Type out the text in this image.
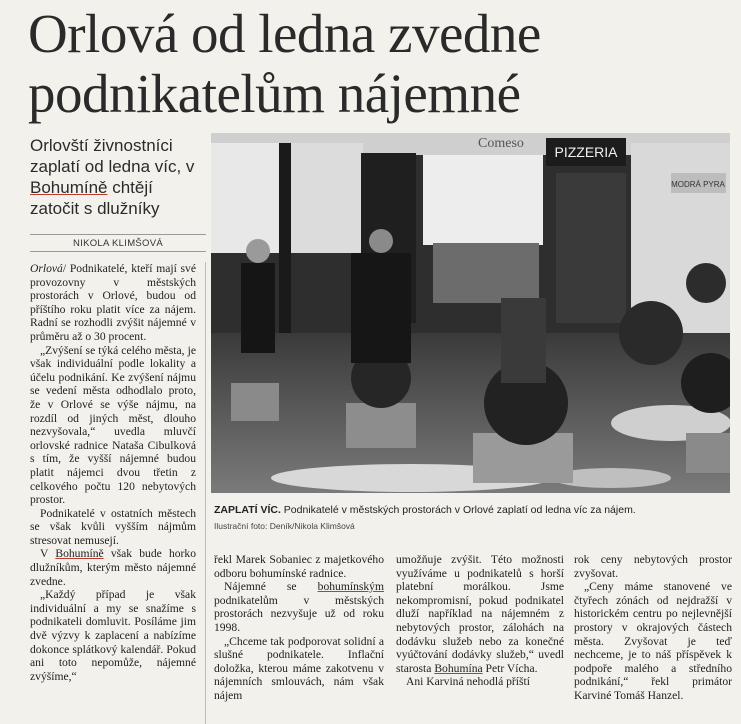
Orlová od ledna zvedne
podnikatelům nájemné
Orlovští živnostníci zaplatí od ledna víc, v Bohumíně chtějí zatočit s dlužníky
NIKOLA KLIMŠOVÁ

Orlová/ Podnikatelé, kteří mají své provozovny v městských prostorách v Orlové, budou od příštího roku platit více za nájem. Radní se rozhodli zvýšit nájemné v průměru až o 30 procent.

„Zvýšení se týká celého města, je však individuální podle lokality a účelu podnikání. Ke zvýšení nájmu se vedení města odhodlalo proto, že v Orlové se výše nájmu, na rozdíl od jiných měst, dlouho nezvyšovala,“ uvedla mluvčí orlovské radnice Nataša Cibulková s tím, že vyšší nájemné budou platit nájemci dvou třetin z celkového počtu 120 nebytových prostor.

Podnikatelé v ostatních městech se však kvůli vyšším nájmům stresovat nemusejí.

V Bohumíně však bude horko dlužníkům, kterým město nájemné zvedne.

„Každý případ je však individuální a my se snažíme s podnikateli domluvit. Posíláme jim dvě výzvy k zaplacení a nabízíme dokonce splátkový kalendář. Pokud ani toto nepomůže, nájemné zvýšíme,“

PIZZERIA
Comeso
MODRÁ PYRA
ZAPLATÍ VÍC. Podnikatelé v městských prostorách v Orlové zaplatí od ledna víc za nájem.
Ilustrační foto: Deník/Nikola Klimšová

řekl Marek Sobaniec z majetkového odboru bohumínské radnice.

Nájemné se bohumínským podnikatelům v městských prostorách nezvyšuje už od roku 1998.

„Chceme tak podporovat solidní a slušné podnikatele. Inflační doložka, kterou máme zakotvenu v nájemních smlouvách, nám však nájem

umožňuje zvýšit. Této možnosti využíváme u podnikatelů s horší platební morálkou. Jsme nekompromisní, pokud podnikatel dluží například na nájemném z nebytových prostor, zálohách na dodávku služeb nebo za konečné vyúčtování dodávky služeb,“ uvedl starosta Bohumína Petr Vícha.

Ani Karviná nehodlá příští

rok ceny nebytových prostor zvyšovat.

„Ceny máme stanovené ve čtyřech zónách od nejdražší v historickém centru po nejlevnější prostory v okrajových částech města. Zvyšovat je teď nechceme, je to náš příspěvek k podpoře malého a středního podnikání,“ řekl primátor Karviné Tomáš Hanzel.
